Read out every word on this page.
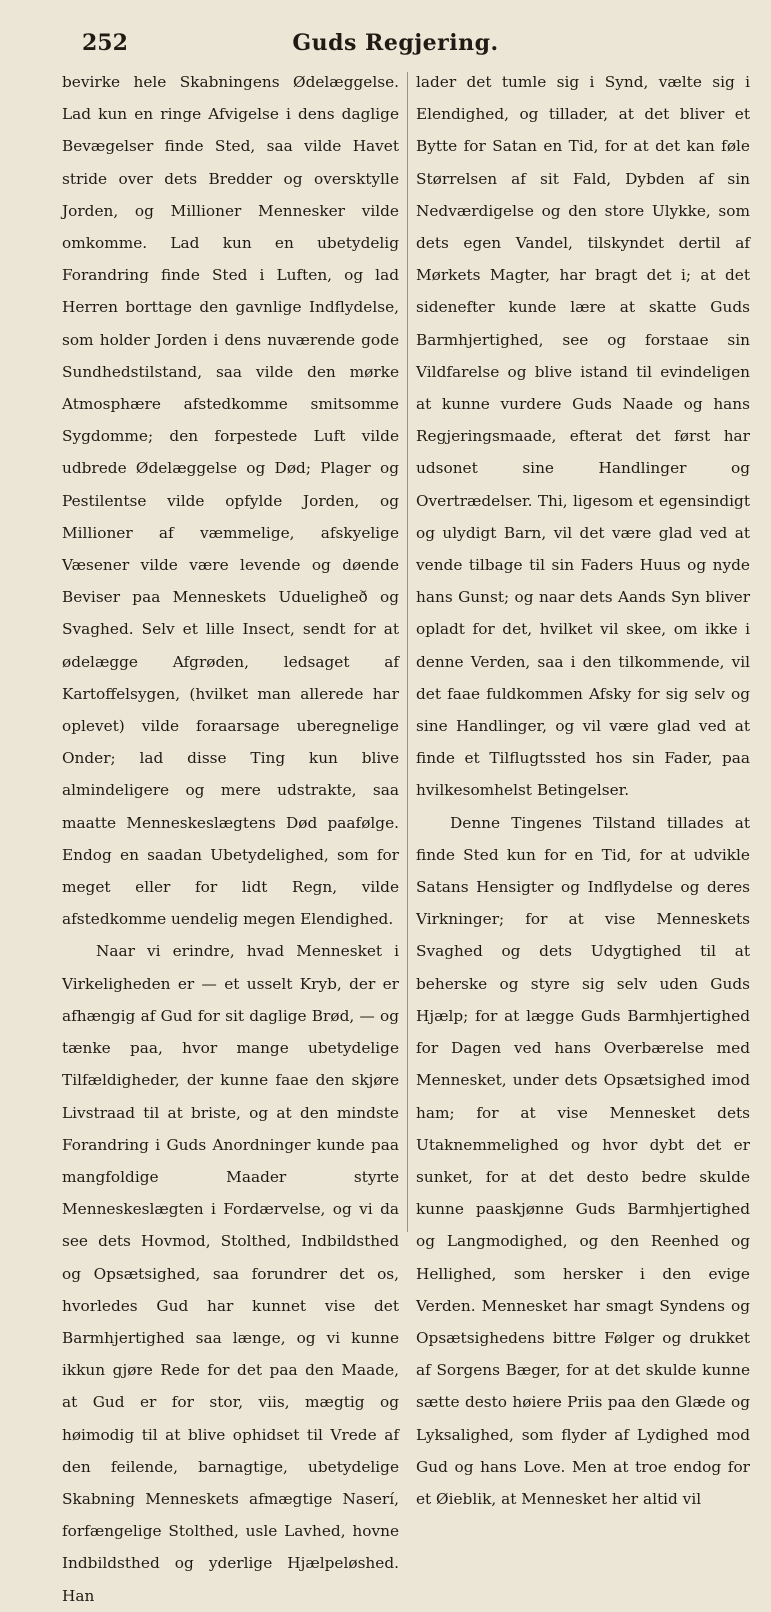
252	Guds Regjering.

bevirke hele Skabningens Ødelæggelse. Lad kun en ringe Afvigelse i dens daglige Bevægelser finde Sted, saa vilde Havet stride over dets Bredder og oversktylle Jorden, og Millioner Mennesker vilde omkomme. Lad kun en ubetydelig Forandring finde Sted i Luften, og lad Herren borttage den gavnlige Indflydelse, som holder Jorden i dens nuværende gode Sundhedstilstand, saa vilde den mørke Atmosphære afstedkomme smitsomme Sygdomme; den forpestede Luft vilde udbrede Ødelæggelse og Død; Plager og Pestilentse vilde opfylde Jorden, og Millioner af væmmelige, afskyelige Væsener vilde være levende og døende Beviser paa Menneskets Udueligheð og Svaghed. Selv et lille Insect, sendt for at ødelægge Afgrøden, ledsaget af Kartoffelsygen, (hvilket man allerede har oplevet) vilde foraarsage uberegnelige Onder; lad disse Ting kun blive almindeligere og mere udstrakte, saa maatte Menneskeslægtens Død paafølge. Endog en saadan Ubetydelighed, som for meget eller for lidt Regn, vilde afstedkomme uendelig megen Elendighed.

Naar vi erindre, hvad Mennesket i Virkeligheden er — et usselt Kryb, der er afhængig af Gud for sit daglige Brød, — og tænke paa, hvor mange ubetydelige Tilfældigheder, der kunne faae den skjøre Livstraad til at briste, og at den mindste Forandring i Guds Anordninger kunde paa mangfoldige Maader styrte Menneskeslægten i Fordærvelse, og vi da see dets Hovmod, Stolthed, Indbildsthed og Opsætsighed, saa forundrer det os, hvorledes Gud har kunnet vise det Barmhjertighed saa længe, og vi kunne ikkun gjøre Rede for det paa den Maade, at Gud er for stor, viis, mægtig og høimodig til at blive ophidset til Vrede af den feilende, barnagtige, ubetydelige Skabning Menneskets afmægtige Naserí, forfængelige Stolthed, usle Lavhed, hovne Indbildsthed og yderlige Hjælpeløshed. Han

lader det tumle sig i Synd, vælte sig i Elendighed, og tillader, at det bliver et Bytte for Satan en Tid, for at det kan føle Størrelsen af sit Fald, Dybden af sin Nedværdigelse og den store Ulykke, som dets egen Vandel, tilskyndet dertil af Mørkets Magter, har bragt det i; at det sidenefter kunde lære at skatte Guds Barmhjertighed, see og forstaae sin Vildfarelse og blive istand til evindeligen at kunne vurdere Guds Naade og hans Regjeringsmaade, efterat det først har udsonet sine Handlinger og Overtrædelser. Thi, ligesom et egensindigt og ulydigt Barn, vil det være glad ved at vende tilbage til sin Faders Huus og nyde hans Gunst; og naar dets Aands Syn bliver opladt for det, hvilket vil skee, om ikke i denne Verden, saa i den tilkommende, vil det faae fuldkommen Afsky for sig selv og sine Handlinger, og vil være glad ved at finde et Tilflugtssted hos sin Fader, paa hvilkesomhelst Betingelser.

Denne Tingenes Tilstand tillades at finde Sted kun for en Tid, for at udvikle Satans Hensigter og Indflydelse og deres Virkninger; for at vise Menneskets Svaghed og dets Udygtighed til at beherske og styre sig selv uden Guds Hjælp; for at lægge Guds Barmhjertighed for Dagen ved hans Overbærelse med Mennesket, under dets Opsætsighed imod ham; for at vise Mennesket dets Utaknemmelighed og hvor dybt det er sunket, for at det desto bedre skulde kunne paaskjønne Guds Barmhjertighed og Langmodighed, og den Reenhed og Hellighed, som hersker i den evige Verden. Mennesket har smagt Syndens og Opsætsighedens bittre Følger og drukket af Sorgens Bæger, for at det skulde kunne sætte desto høiere Priis paa den Glæde og Lyksalighed, som flyder af Lydighed mod Gud og hans Love. Men at troe endog for et Øieblik, at Mennesket her altid vil
